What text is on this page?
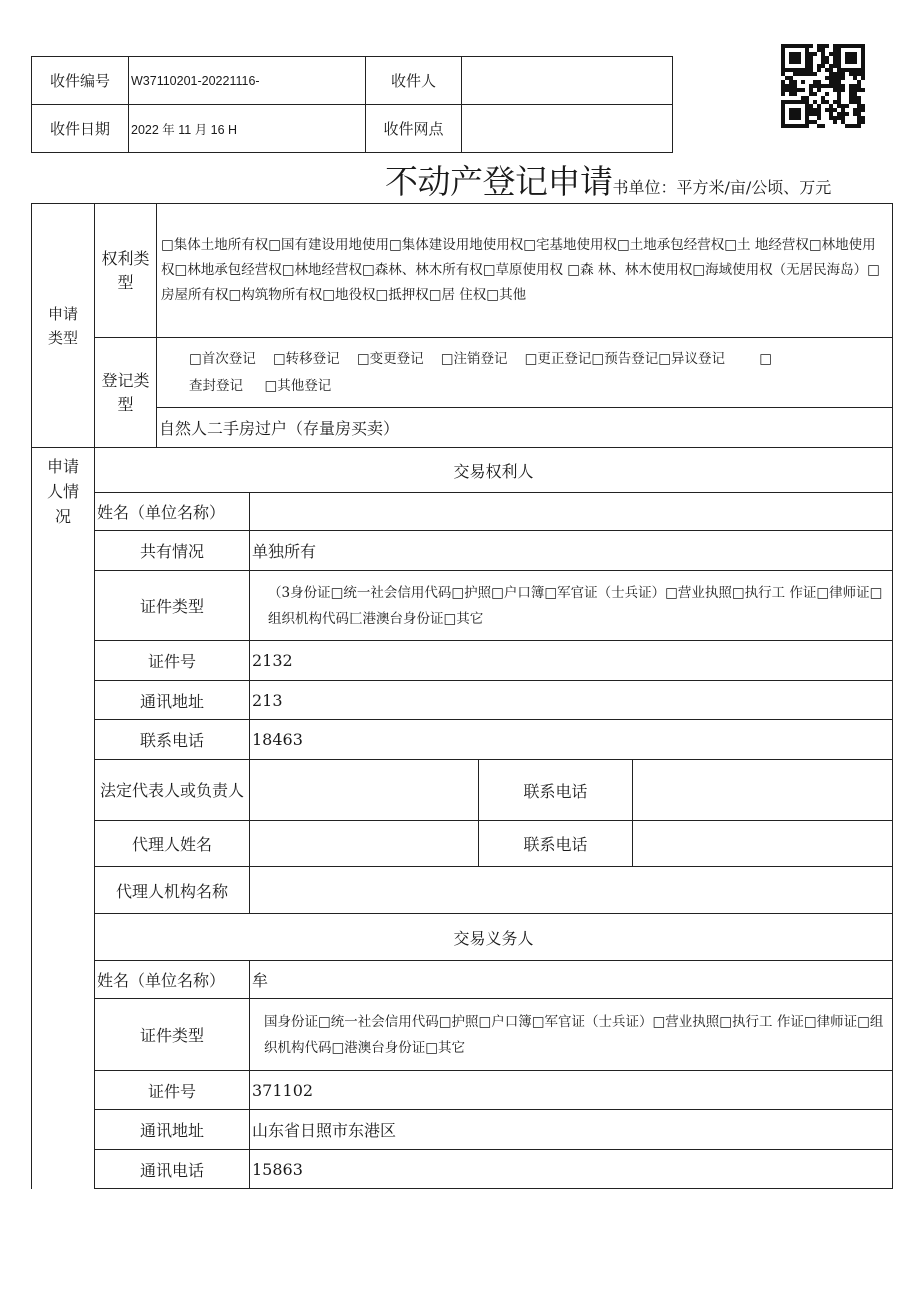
收件编号	W37110201-20221116-	收件人	
收件日期	2022 年 11 月 16 H	收件网点	
不动产登记申请书单位：平方米/亩/公顷、万元
申请类型	权利类型	□集体土地所有权□国有建设用地使用□集体建设用地使用权□宅基地使用权□土地承包经营权□土 地经营权□林地使用权□林地承包经营权□林地经营权□森林、林木所有权□草原使用权 □森 林、林木使用权□海域使用权（无居民海岛）□房屋所有权□构筑物所有权□地役权□抵押权□居 住权□其他			

	登记类型	□首次登记    □转移登记    □变更登记    □注销登记    □更正登记□预告登记□异议登记        □
查封登记     □其他登记			

		自然人二手房过户（存量房买卖）			

申请人情况	交易权利人				
	姓名（单位名称）				
	共有情况		单独所有		
	证件类型		（3身份证□统一社会信用代码□护照□户口簿□军官证（士兵证）□营业执照□执行工 作证□律师证□组织机构代码匚港澳台身份证□其它		
	证件号		2132		
	通讯地址		213		
	联系电话		18463		
	法定代表人或负责人			联系电话	
	代理人姓名			联系电话	
	代理人机构名称				
	交易义务人				
	姓名（单位名称）		牟		
	证件类型		国身份证□统一社会信用代码□护照□户口簿□军官证（士兵证）□营业执照□执行工 作证□律师证□组织机构代码□港澳台身份证□其它		
	证件号		371102		
	通讯地址		山东省日照市东港区		
	通讯电话		15863		
